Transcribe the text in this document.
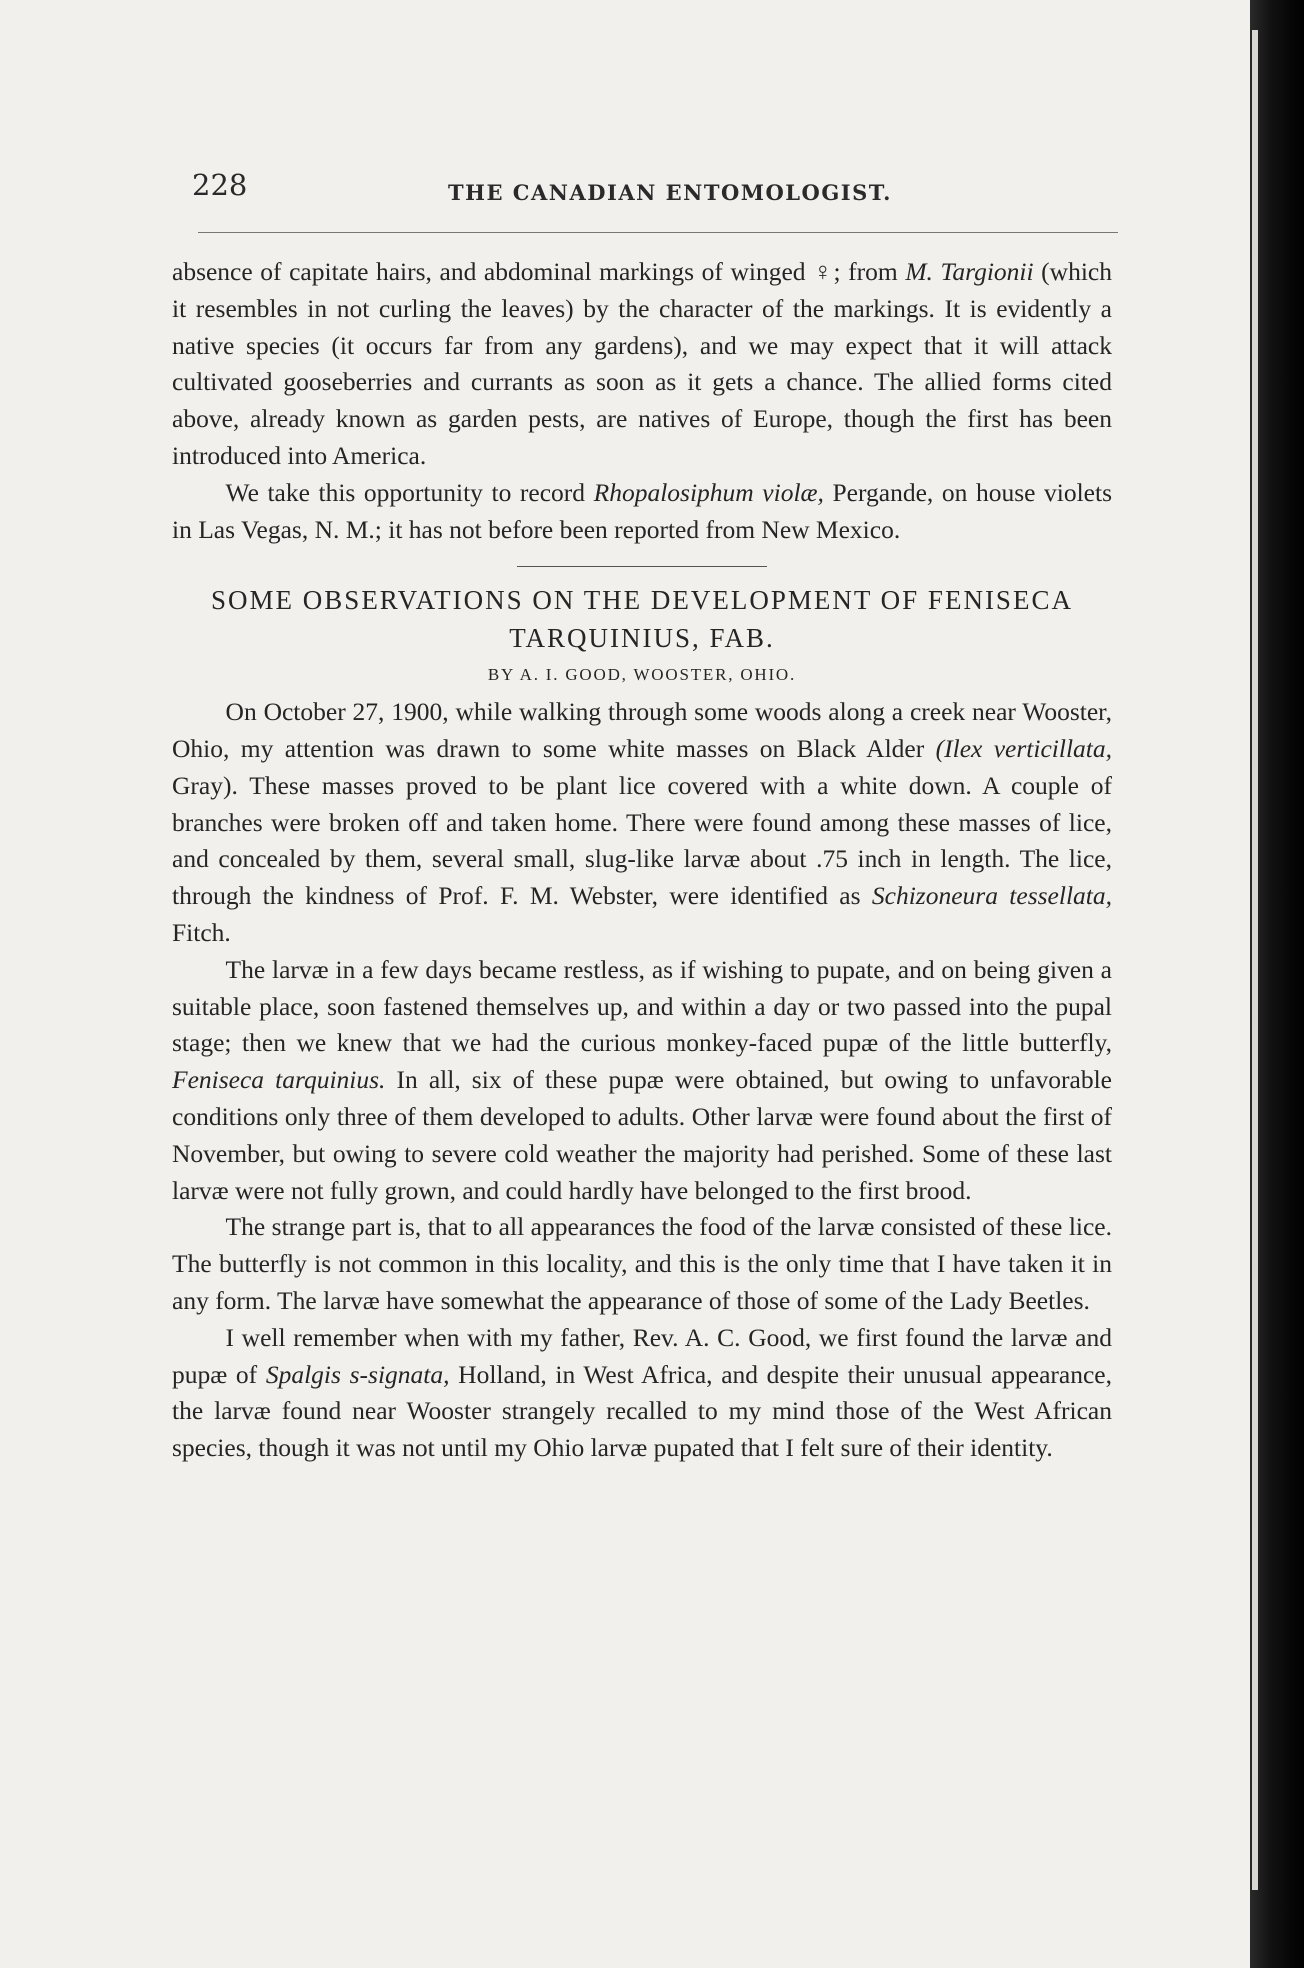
228	THE CANADIAN ENTOMOLOGIST.

absence of capitate hairs, and abdominal markings of winged ♀; from M. Targionii (which it resembles in not curling the leaves) by the character of the markings. It is evidently a native species (it occurs far from any gardens), and we may expect that it will attack cultivated gooseberries and currants as soon as it gets a chance. The allied forms cited above, already known as garden pests, are natives of Europe, though the first has been introduced into America.

We take this opportunity to record Rhopalosiphum violæ, Pergande, on house violets in Las Vegas, N. M.; it has not before been reported from New Mexico.

SOME OBSERVATIONS ON THE DEVELOPMENT OF FENISECA TARQUINIUS, FAB.

BY A. I. GOOD, WOOSTER, OHIO.

On October 27, 1900, while walking through some woods along a creek near Wooster, Ohio, my attention was drawn to some white masses on Black Alder (Ilex verticillata, Gray). These masses proved to be plant lice covered with a white down. A couple of branches were broken off and taken home. There were found among these masses of lice, and concealed by them, several small, slug-like larvæ about .75 inch in length. The lice, through the kindness of Prof. F. M. Webster, were identified as Schizoneura tessellata, Fitch.

The larvæ in a few days became restless, as if wishing to pupate, and on being given a suitable place, soon fastened themselves up, and within a day or two passed into the pupal stage; then we knew that we had the curious monkey-faced pupæ of the little butterfly, Feniseca tarquinius. In all, six of these pupæ were obtained, but owing to unfavorable conditions only three of them developed to adults. Other larvæ were found about the first of November, but owing to severe cold weather the majority had perished. Some of these last larvæ were not fully grown, and could hardly have belonged to the first brood.

The strange part is, that to all appearances the food of the larvæ consisted of these lice. The butterfly is not common in this locality, and this is the only time that I have taken it in any form. The larvæ have somewhat the appearance of those of some of the Lady Beetles.

I well remember when with my father, Rev. A. C. Good, we first found the larvæ and pupæ of Spalgis s-signata, Holland, in West Africa, and despite their unusual appearance, the larvæ found near Wooster strangely recalled to my mind those of the West African species, though it was not until my Ohio larvæ pupated that I felt sure of their identity.
